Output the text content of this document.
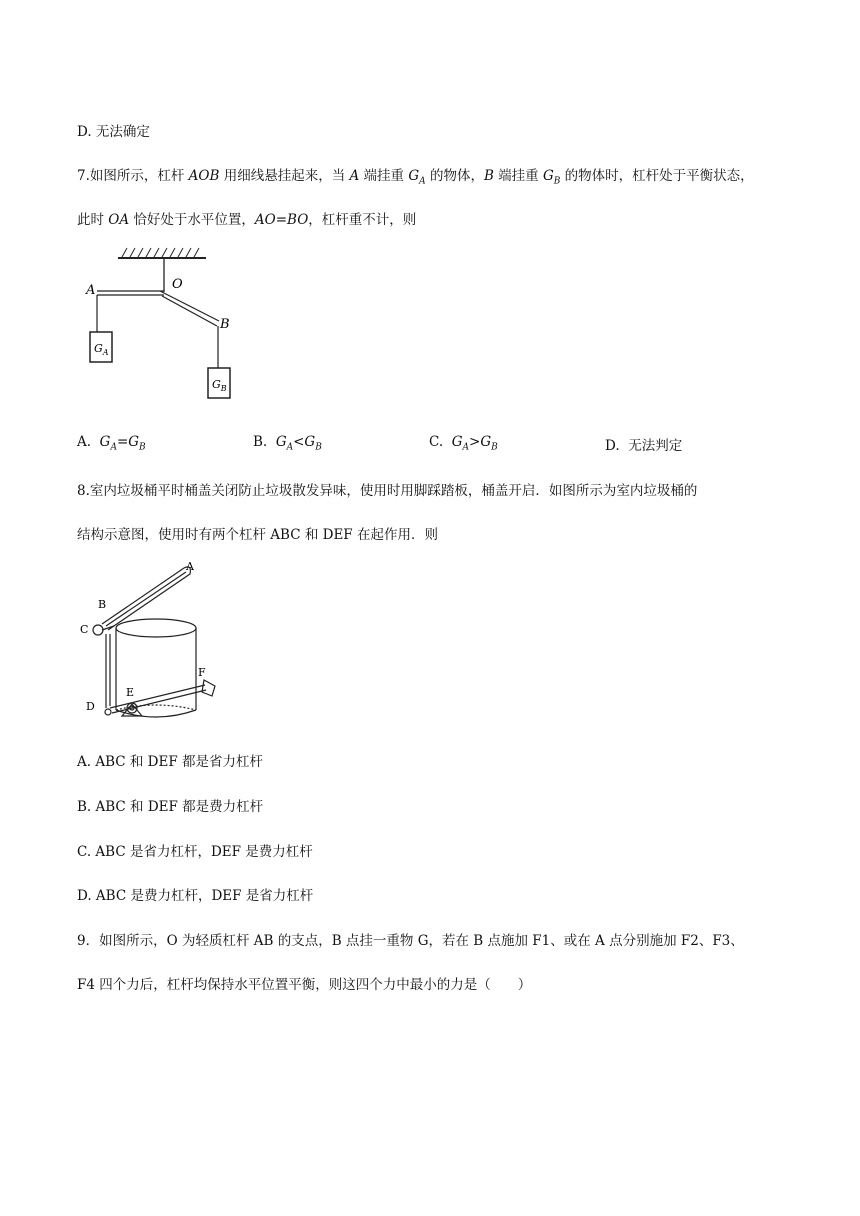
D. 无法确定
7.如图所示，杠杆 AOB 用细线悬挂起来，当 A 端挂重 $G_A$ 的物体，B 端挂重 $G_B$ 的物体时，杠杆处于平衡状态，
此时 OA 恰好处于水平位置，AO=BO，杠杆重不计，则
A	O
B
$G_A$
$G_B$
A. $G_A=G_B$	B. $G_A<G_B$	C. $G_A>G_B$	D. 无法判定
8.室内垃圾桶平时桶盖关闭防止垃圾散发异味，使用时用脚踩踏板，桶盖开启．如图所示为室内垃圾桶的
结构示意图，使用时有两个杠杆 ABC 和 DEF 在起作用．则
A
B
C
D
E
F
A. ABC 和 DEF 都是省力杠杆
B. ABC 和 DEF 都是费力杠杆
C. ABC 是省力杠杆，DEF 是费力杠杆
D. ABC 是费力杠杆，DEF 是省力杠杆
9．如图所示，O 为轻质杠杆 AB 的支点，B 点挂一重物 G，若在 B 点施加 F1、或在 A 点分别施加 F2、F3、
F4 四个力后，杠杆均保持水平位置平衡，则这四个力中最小的力是（　　）
